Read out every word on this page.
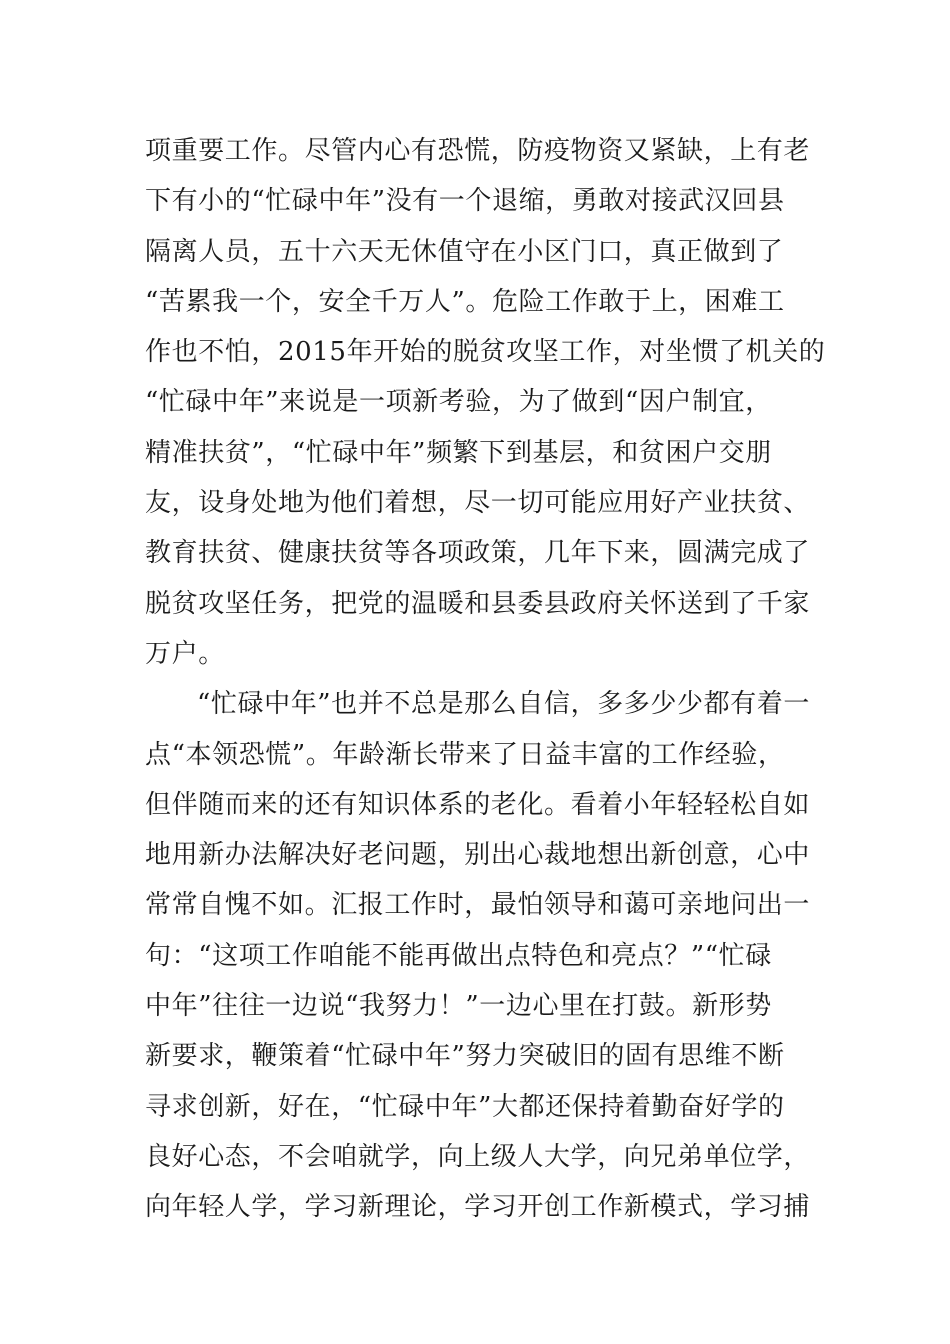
项重要工作。尽管内心有恐慌，防疫物资又紧缺，上有老
下有小的“忙碌中年”没有一个退缩，勇敢对接武汉回县
隔离人员，五十六天无休值守在小区门口，真正做到了
“苦累我一个，安全千万人”。危险工作敢于上，困难工
作也不怕，2015年开始的脱贫攻坚工作，对坐惯了机关的
“忙碌中年”来说是一项新考验，为了做到“因户制宜，
精准扶贫”，“忙碌中年”频繁下到基层，和贫困户交朋
友，设身处地为他们着想，尽一切可能应用好产业扶贫、
教育扶贫、健康扶贫等各项政策，几年下来，圆满完成了
脱贫攻坚任务，把党的温暖和县委县政府关怀送到了千家
万户。
“忙碌中年”也并不总是那么自信，多多少少都有着一
点“本领恐慌”。年龄渐长带来了日益丰富的工作经验，
但伴随而来的还有知识体系的老化。看着小年轻轻松自如
地用新办法解决好老问题，别出心裁地想出新创意，心中
常常自愧不如。汇报工作时，最怕领导和蔼可亲地问出一
句：“这项工作咱能不能再做出点特色和亮点？”“忙碌
中年”往往一边说“我努力！”一边心里在打鼓。新形势
新要求，鞭策着“忙碌中年”努力突破旧的固有思维不断
寻求创新，好在，“忙碌中年”大都还保持着勤奋好学的
良好心态，不会咱就学，向上级人大学，向兄弟单位学，
向年轻人学，学习新理论，学习开创工作新模式，学习捕
